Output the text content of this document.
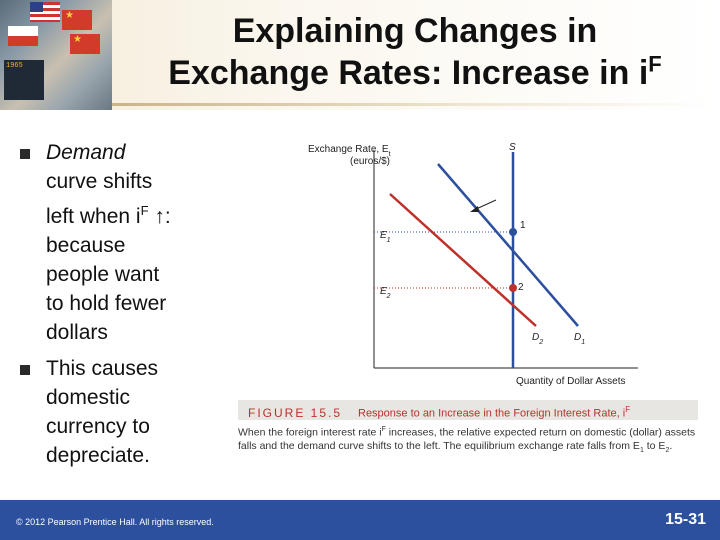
★
★
1965
Explaining Changes in
Exchange Rates: Increase in $i^F$
Demand
curve shifts
left when $i^F$ ↑:
because
people want
to hold fewer
dollars
This causes
domestic
currency to
depreciate.
Exchange Rate, $E_t$
(euros/$)
Quantity of Dollar Assets
S
$D_1$
$D_2$
1
2
$E_1$
$E_2$
FIGURE 15.5 Response to an Increase in the Foreign Interest Rate, $i^F$
When the foreign interest rate $i^F$ increases, the relative expected return on domestic (dollar) assets falls and the demand curve shifts to the left. The equilibrium exchange rate falls from $E_1$ to $E_2$.
© 2012 Pearson Prentice Hall. All rights reserved.	15-31
